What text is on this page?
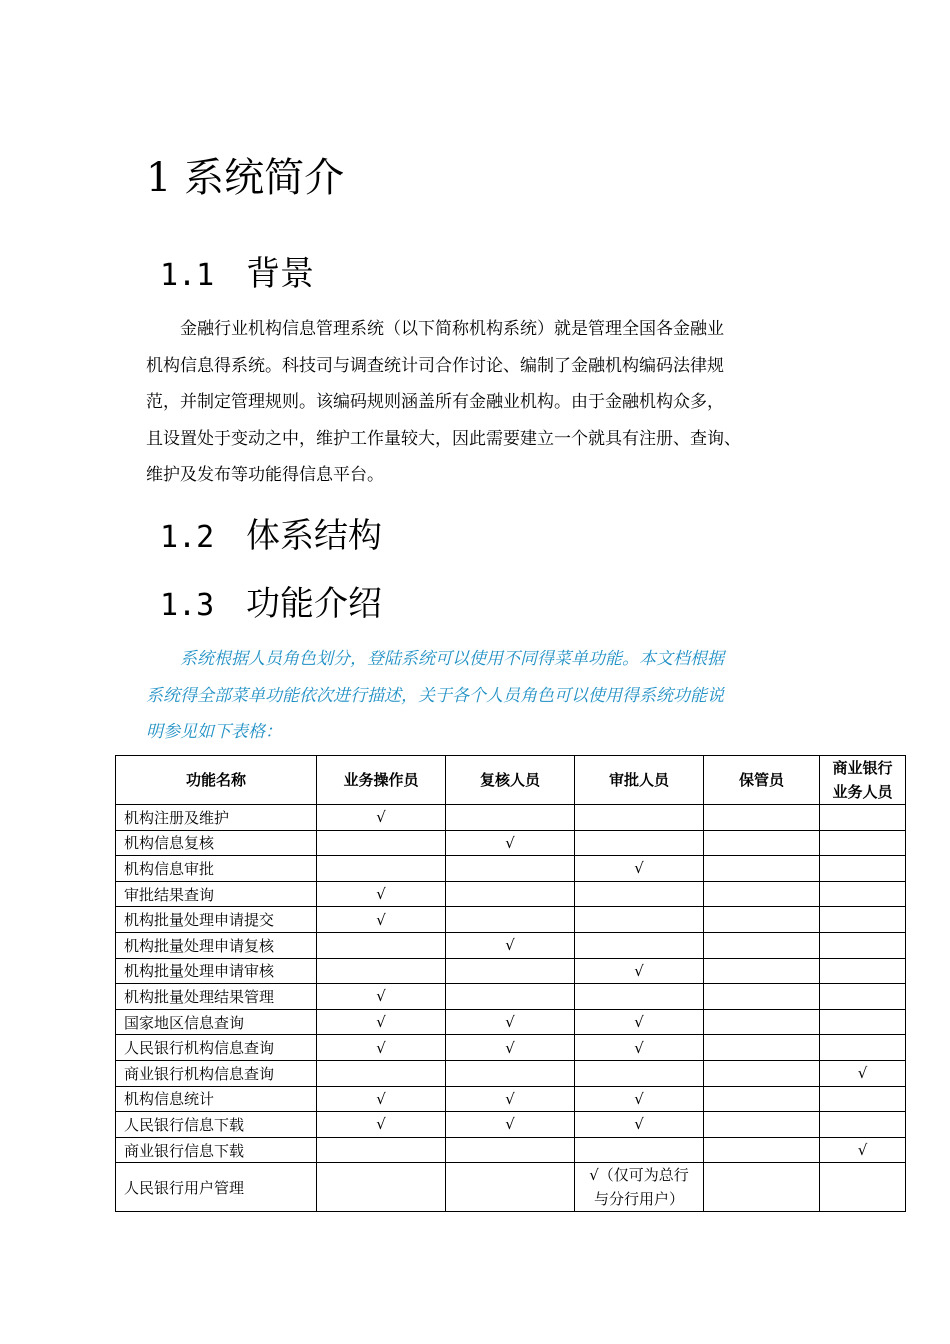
1 系统简介
1.1 背景
金融行业机构信息管理系统（以下简称机构系统）就是管理全国各金融业
机构信息得系统。科技司与调查统计司合作讨论、编制了金融机构编码法律规
范，并制定管理规则。该编码规则涵盖所有金融业机构。由于金融机构众多，
且设置处于变动之中，维护工作量较大，因此需要建立一个就具有注册、查询、
维护及发布等功能得信息平台。
1.2 体系结构
1.3 功能介绍
系统根据人员角色划分，登陆系统可以使用不同得菜单功能。本文档根据
系统得全部菜单功能依次进行描述，关于各个人员角色可以使用得系统功能说
明参见如下表格：
功能名称	业务操作员	复核人员	审批人员	保管员	商业银行
业务人员
机构注册及维护	√				
机构信息复核		√			
机构信息审批			√		
审批结果查询	√				
机构批量处理申请提交	√				
机构批量处理申请复核		√			
机构批量处理申请审核			√		
机构批量处理结果管理	√				
国家地区信息查询	√	√	√		
人民银行机构信息查询	√	√	√		
商业银行机构信息查询					√
机构信息统计	√	√	√		
人民银行信息下载	√	√	√		
商业银行信息下载					√
人民银行用户管理			√（仅可为总行
与分行用户）		
